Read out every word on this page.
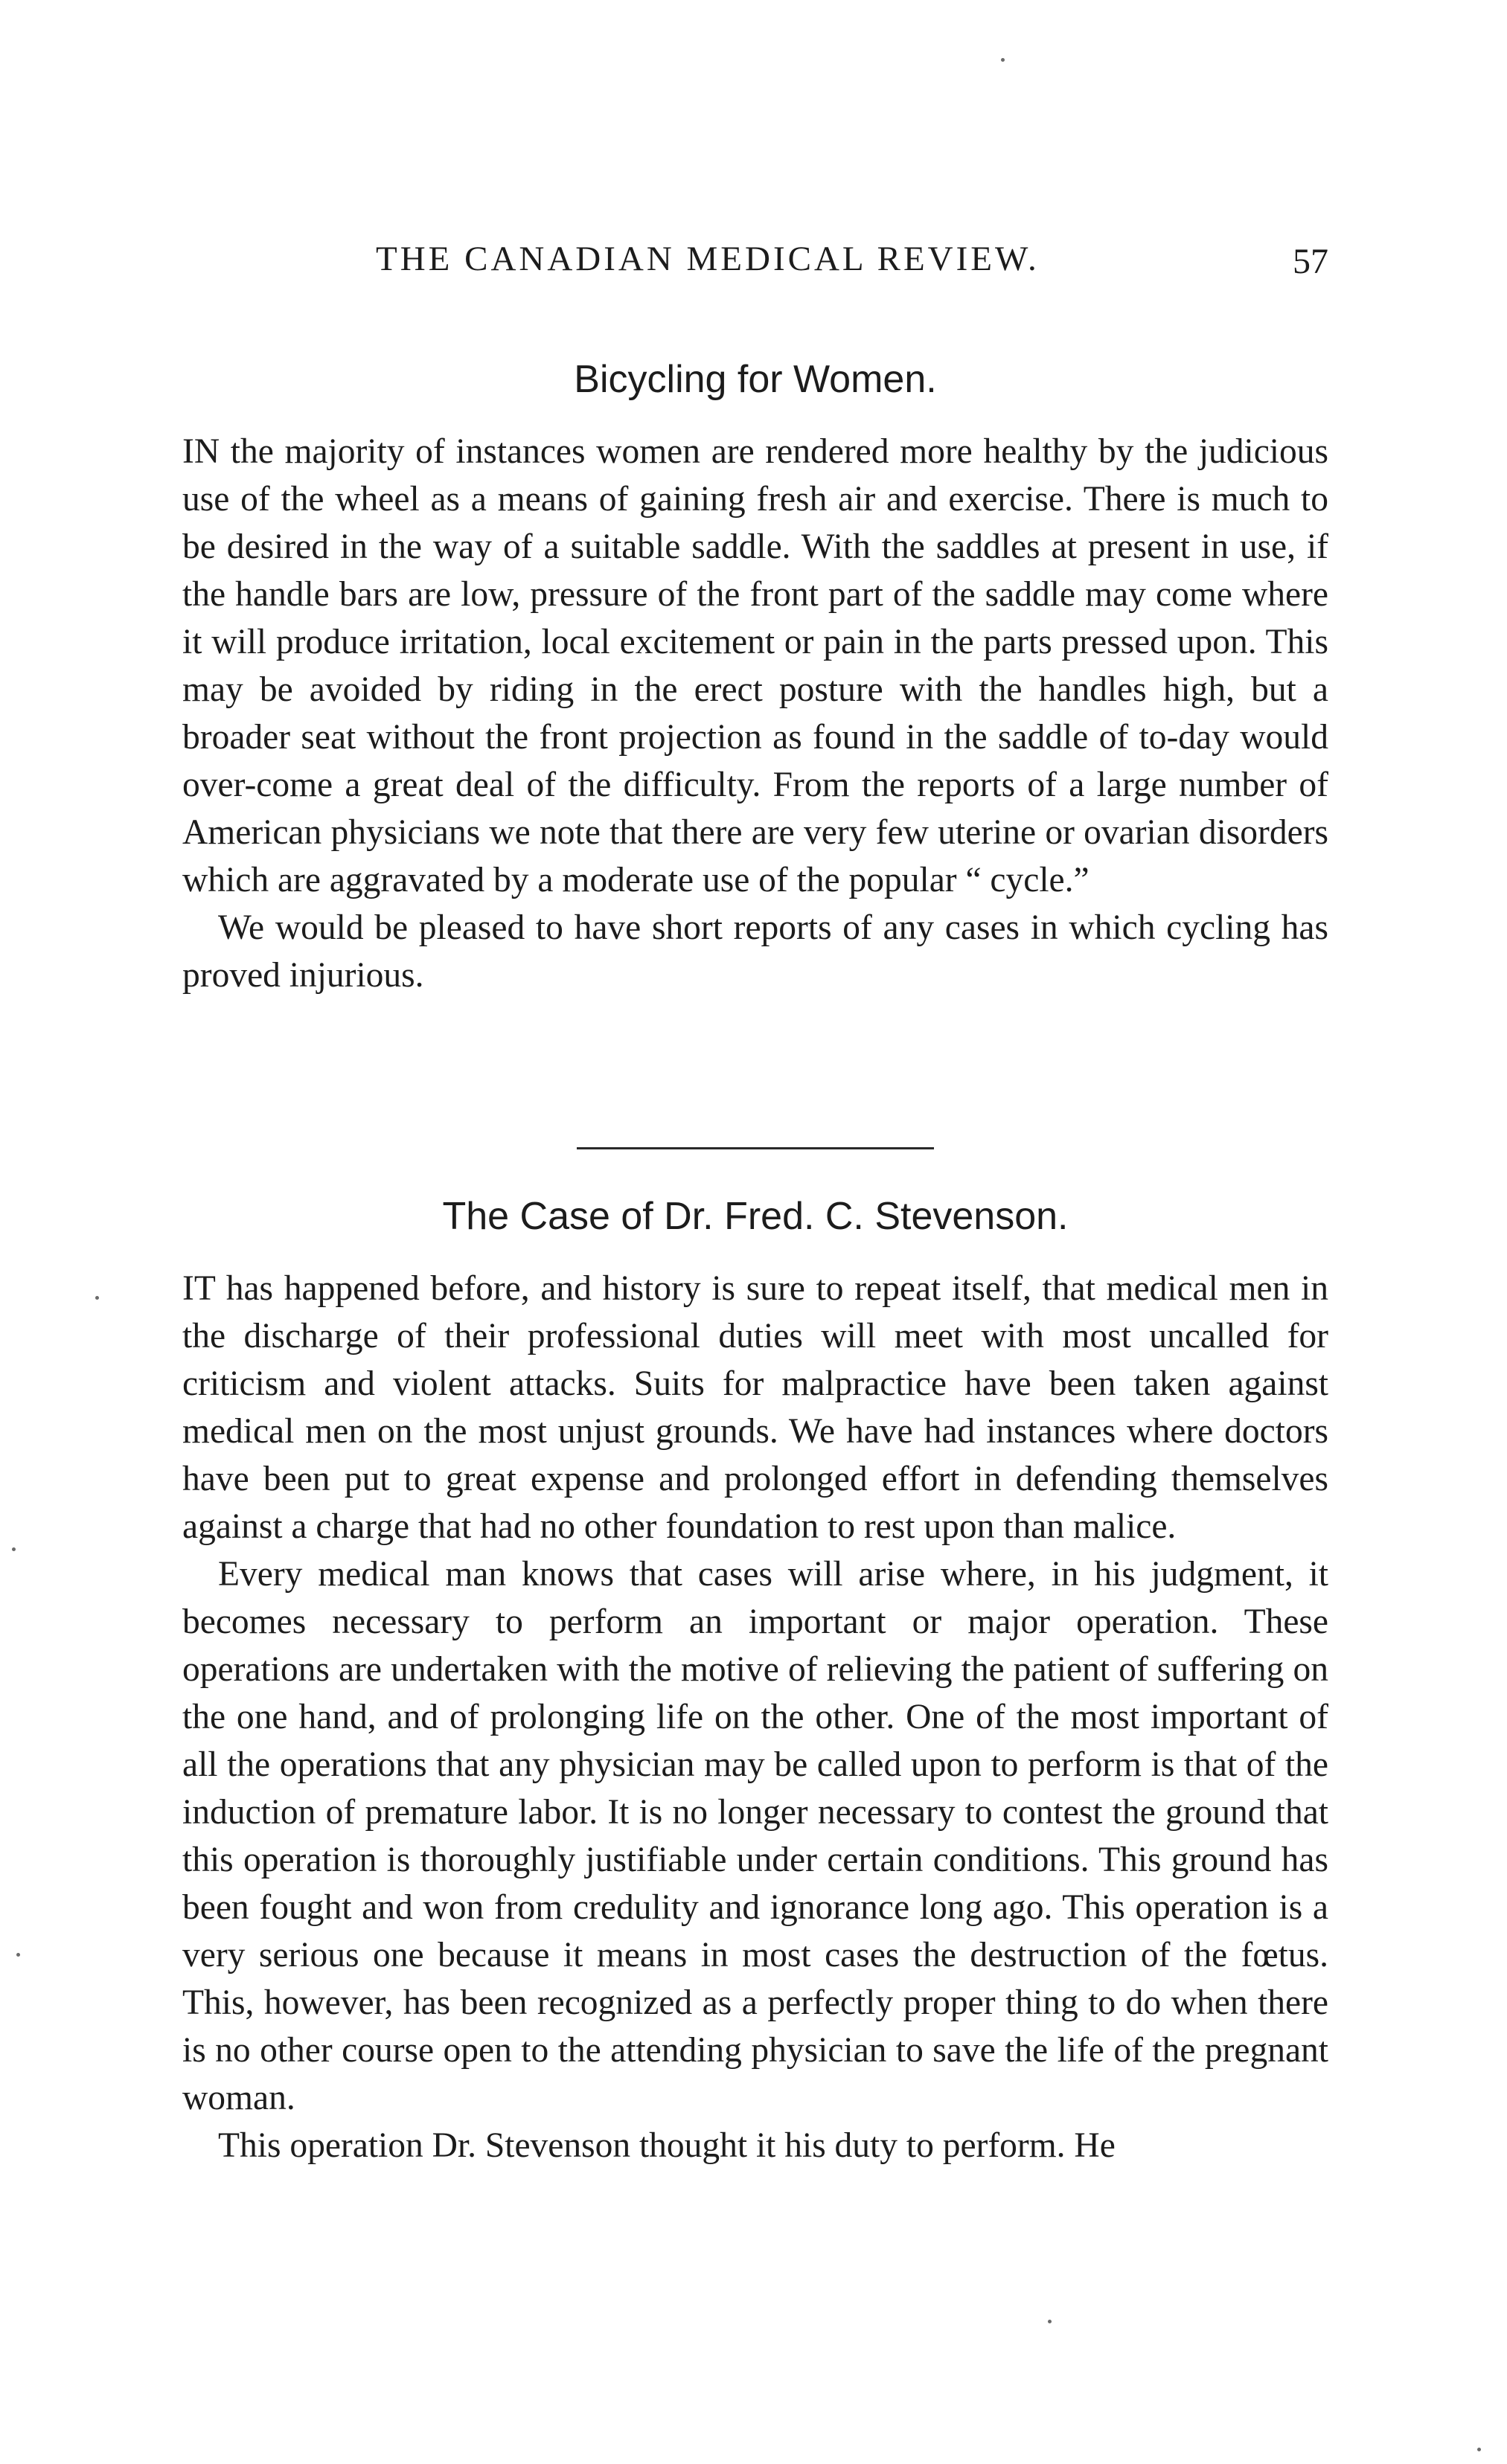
THE CANADIAN MEDICAL REVIEW.	57
Bicycling for Women.

IN the majority of instances women are rendered more healthy by the judicious use of the wheel as a means of gaining fresh air and exercise. There is much to be desired in the way of a suitable saddle. With the saddles at present in use, if the handle bars are low, pressure of the front part of the saddle may come where it will produce irritation, local excitement or pain in the parts pressed upon. This may be avoided by riding in the erect posture with the handles high, but a broader seat without the front projection as found in the saddle of to-day would over-come a great deal of the difficulty. From the reports of a large number of American physicians we note that there are very few uterine or ovarian disorders which are aggravated by a moderate use of the popular “ cycle.”

We would be pleased to have short reports of any cases in which cycling has proved injurious.

The Case of Dr. Fred. C. Stevenson.

IT has happened before, and history is sure to repeat itself, that medical men in the discharge of their professional duties will meet with most uncalled for criticism and violent attacks. Suits for malpractice have been taken against medical men on the most unjust grounds. We have had instances where doctors have been put to great expense and prolonged effort in defending themselves against a charge that had no other foundation to rest upon than malice.

Every medical man knows that cases will arise where, in his judgment, it becomes necessary to perform an important or major operation. These operations are undertaken with the motive of relieving the patient of suffering on the one hand, and of prolonging life on the other. One of the most important of all the operations that any physician may be called upon to perform is that of the induction of premature labor. It is no longer necessary to contest the ground that this operation is thoroughly justifiable under certain conditions. This ground has been fought and won from credulity and ignorance long ago. This operation is a very serious one because it means in most cases the destruction of the fœtus. This, however, has been recognized as a perfectly proper thing to do when there is no other course open to the attending physician to save the life of the pregnant woman.

This operation Dr. Stevenson thought it his duty to perform. He
